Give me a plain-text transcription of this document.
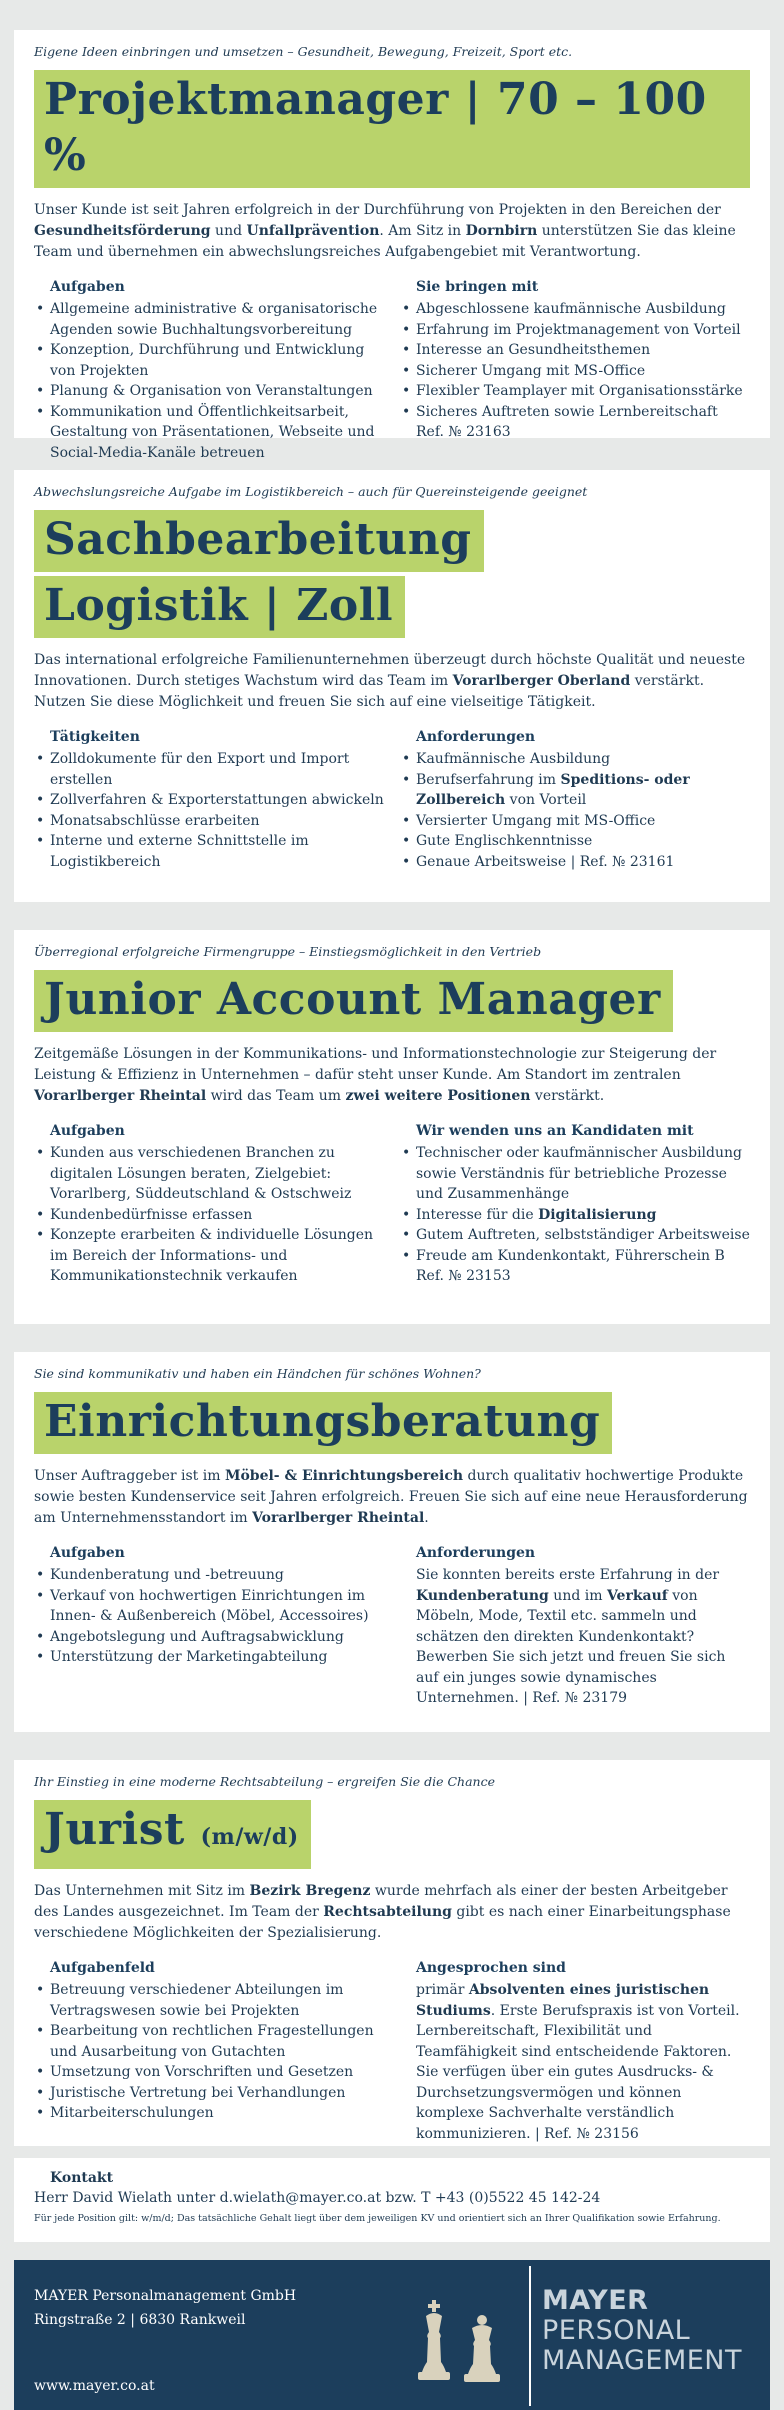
Eigene Ideen einbringen und umsetzen – Gesundheit, Bewegung, Freizeit, Sport etc.

Projektmanager | 70 – 100 %

Unser Kunde ist seit Jahren erfolgreich in der Durchführung von Projekten in den Bereichen der Gesundheitsförderung und Unfallprävention. Am Sitz in Dornbirn unterstützen Sie das kleine Team und übernehmen ein abwechslungsreiches Aufgabengebiet mit Verantwortung.

Aufgaben
• Allgemeine administrative & organisatorische Agenden sowie Buchhaltungsvorbereitung
• Konzeption, Durchführung und Entwicklung von Projekten
• Planung & Organisation von Veranstaltungen
• Kommunikation und Öffentlichkeitsarbeit, Gestaltung von Präsentationen, Webseite und Social-Media-Kanäle betreuen
Sie bringen mit
• Abgeschlossene kaufmännische Ausbildung
• Erfahrung im Projektmanagement von Vorteil
• Interesse an Gesundheitsthemen
• Sicherer Umgang mit MS-Office
• Flexibler Teamplayer mit Organisationsstärke
• Sicheres Auftreten sowie Lernbereitschaft
Ref. № 23163

Abwechslungsreiche Aufgabe im Logistikbereich – auch für Quereinsteigende geeignet

Sachbearbeitung
Logistik | Zoll

Das international erfolgreiche Familienunternehmen überzeugt durch höchste Qualität und neueste Innovationen. Durch stetiges Wachstum wird das Team im Vorarlberger Oberland verstärkt. Nutzen Sie diese Möglichkeit und freuen Sie sich auf eine vielseitige Tätigkeit.

Tätigkeiten
• Zolldokumente für den Export und Import erstellen
• Zollverfahren & Exporterstattungen abwickeln
• Monatsabschlüsse erarbeiten
• Interne und externe Schnittstelle im Logistikbereich
Anforderungen
• Kaufmännische Ausbildung
• Berufserfahrung im Speditions- oder Zollbereich von Vorteil
• Versierter Umgang mit MS-Office
• Gute Englischkenntnisse
• Genaue Arbeitsweise | Ref. № 23161

Überregional erfolgreiche Firmengruppe – Einstiegsmöglichkeit in den Vertrieb

Junior Account Manager

Zeitgemäße Lösungen in der Kommunikations- und Informationstechnologie zur Steigerung der Leistung & Effizienz in Unternehmen – dafür steht unser Kunde. Am Standort im zentralen Vorarlberger Rheintal wird das Team um zwei weitere Positionen verstärkt.

Aufgaben
• Kunden aus verschiedenen Branchen zu digitalen Lösungen beraten, Zielgebiet: Vorarlberg, Süddeutschland & Ostschweiz
• Kundenbedürfnisse erfassen
• Konzepte erarbeiten & individuelle Lösungen im Bereich der Informations- und Kommunikationstechnik verkaufen
Wir wenden uns an Kandidaten mit
• Technischer oder kaufmännischer Ausbildung sowie Verständnis für betriebliche Prozesse und Zusammenhänge
• Interesse für die Digitalisierung
• Gutem Auftreten, selbstständiger Arbeitsweise
• Freude am Kundenkontakt, Führerschein B
Ref. № 23153

Sie sind kommunikativ und haben ein Händchen für schönes Wohnen?

Einrichtungsberatung

Unser Auftraggeber ist im Möbel- & Einrichtungsbereich durch qualitativ hochwertige Produkte sowie besten Kundenservice seit Jahren erfolgreich. Freuen Sie sich auf eine neue Herausforderung am Unternehmensstandort im Vorarlberger Rheintal.

Aufgaben
• Kundenberatung und -betreuung
• Verkauf von hochwertigen Einrichtungen im Innen- & Außenbereich (Möbel, Accessoires)
• Angebotslegung und Auftragsabwicklung
• Unterstützung der Marketingabteilung
Anforderungen

Sie konnten bereits erste Erfahrung in der Kundenberatung und im Verkauf von Möbeln, Mode, Textil etc. sammeln und schätzen den direkten Kundenkontakt? Bewerben Sie sich jetzt und freuen Sie sich auf ein junges sowie dynamisches Unternehmen. | Ref. № 23179

Ihr Einstieg in eine moderne Rechtsabteilung – ergreifen Sie die Chance

Jurist (m/w/d)

Das Unternehmen mit Sitz im Bezirk Bregenz wurde mehrfach als einer der besten Arbeitgeber des Landes ausgezeichnet. Im Team der Rechtsabteilung gibt es nach einer Einarbeitungsphase verschiedene Möglichkeiten der Spezialisierung.

Aufgabenfeld
• Betreuung verschiedener Abteilungen im Vertragswesen sowie bei Projekten
• Bearbeitung von rechtlichen Fragestellungen und Ausarbeitung von Gutachten
• Umsetzung von Vorschriften und Gesetzen
• Juristische Vertretung bei Verhandlungen
• Mitarbeiterschulungen
Angesprochen sind

primär Absolventen eines juristischen Studiums. Erste Berufspraxis ist von Vorteil. Lernbereitschaft, Flexibilität und Teamfähigkeit sind entscheidende Faktoren. Sie verfügen über ein gutes Ausdrucks- & Durchsetzungsvermögen und können komplexe Sachverhalte verständlich kommunizieren. | Ref. № 23156

Kontakt
Herr David Wielath unter d.wielath@mayer.co.at bzw. T +43 (0)5522 45 142-24
Für jede Position gilt: w/m/d; Das tatsächliche Gehalt liegt über dem jeweiligen KV und orientiert sich an Ihrer Qualifikation sowie Erfahrung.
MAYER Personalmanagement GmbH
Ringstraße 2 | 6830 Rankweil
www.mayer.co.at
MAYER
PERSONAL
MANAGEMENT
